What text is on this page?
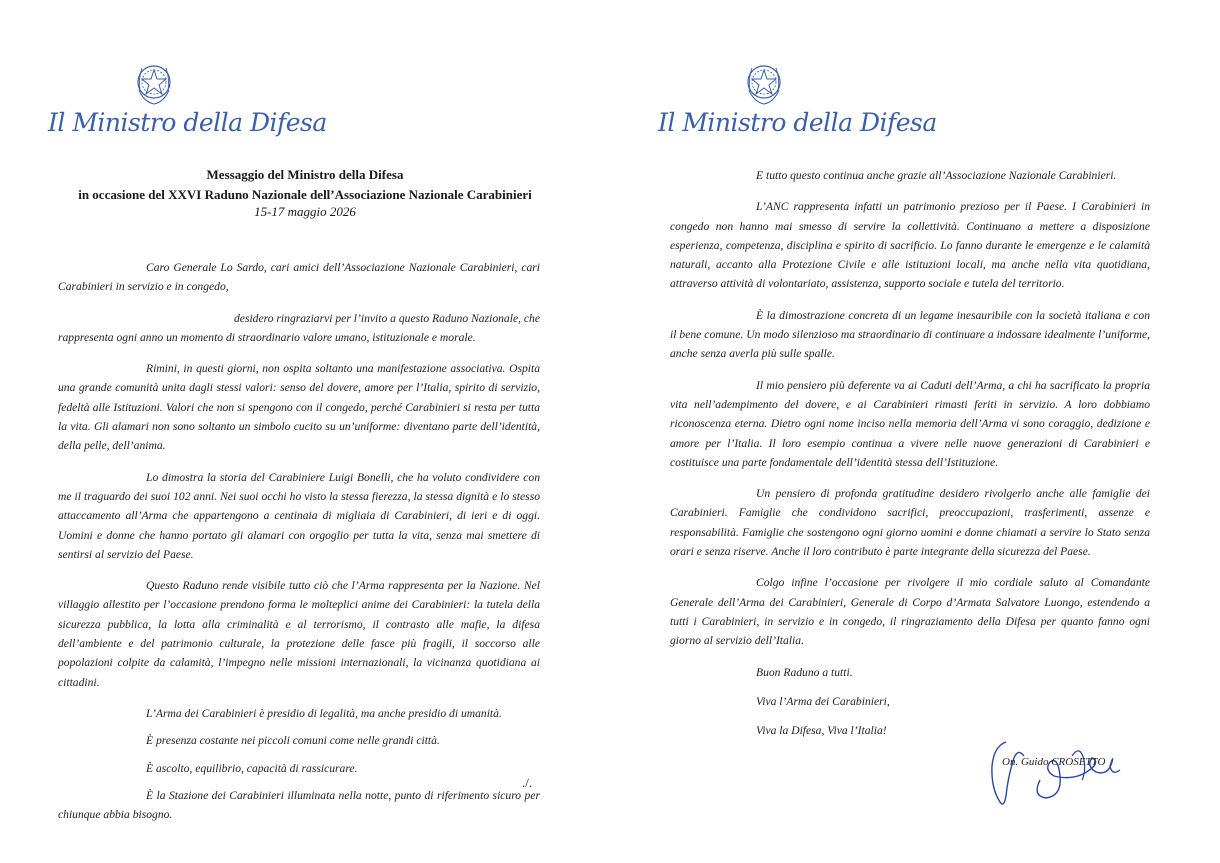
Il Ministro della Difesa
Messaggio del Ministro della Difesa
in occasione del XXVI Raduno Nazionale dell’Associazione Nazionale Carabinieri
15-17 maggio 2026

Caro Generale Lo Sardo, cari amici dell’Associazione Nazionale Carabinieri, cari Carabinieri in servizio e in congedo,

desidero ringraziarvi per l’invito a questo Raduno Nazionale, che rappresenta ogni anno un momento di straordinario valore umano, istituzionale e morale.

Rimini, in questi giorni, non ospita soltanto una manifestazione associativa. Ospita una grande comunità unita dagli stessi valori: senso del dovere, amore per l’Italia, spirito di servizio, fedeltà alle Istituzioni. Valori che non si spengono con il congedo, perché Carabinieri si resta per tutta la vita. Gli alamari non sono soltanto un simbolo cucito su un’uniforme: diventano parte dell’identità, della pelle, dell’anima.

Lo dimostra la storia del Carabiniere Luigi Bonelli, che ha voluto condividere con me il traguardo dei suoi 102 anni. Nei suoi occhi ho visto la stessa fierezza, la stessa dignità e lo stesso attaccamento all’Arma che appartengono a centinaia di migliaia di Carabinieri, di ieri e di oggi. Uomini e donne che hanno portato gli alamari con orgoglio per tutta la vita, senza mai smettere di sentirsi al servizio del Paese.

Questo Raduno rende visibile tutto ciò che l’Arma rappresenta per la Nazione. Nel villaggio allestito per l’occasione prendono forma le molteplici anime dei Carabinieri: la tutela della sicurezza pubblica, la lotta alla criminalità e al terrorismo, il contrasto alle mafie, la difesa dell’ambiente e del patrimonio culturale, la protezione delle fasce più fragili, il soccorso alle popolazioni colpite da calamità, l’impegno nelle missioni internazionali, la vicinanza quotidiana ai cittadini.

L’Arma dei Carabinieri è presidio di legalità, ma anche presidio di umanità.

È presenza costante nei piccoli comuni come nelle grandi città.

È ascolto, equilibrio, capacità di rassicurare.

È la Stazione dei Carabinieri illuminata nella notte, punto di riferimento sicuro per chiunque abbia bisogno.

./.
Il Ministro della Difesa

E tutto questo continua anche grazie all’Associazione Nazionale Carabinieri.

L’ANC rappresenta infatti un patrimonio prezioso per il Paese. I Carabinieri in congedo non hanno mai smesso di servire la collettività. Continuano a mettere a disposizione esperienza, competenza, disciplina e spirito di sacrificio. Lo fanno durante le emergenze e le calamità naturali, accanto alla Protezione Civile e alle istituzioni locali, ma anche nella vita quotidiana, attraverso attività di volontariato, assistenza, supporto sociale e tutela del territorio.

È la dimostrazione concreta di un legame inesauribile con la società italiana e con il bene comune. Un modo silenzioso ma straordinario di continuare a indossare idealmente l’uniforme, anche senza averla più sulle spalle.

Il mio pensiero più deferente va ai Caduti dell’Arma, a chi ha sacrificato la propria vita nell’adempimento del dovere, e ai Carabinieri rimasti feriti in servizio. A loro dobbiamo riconoscenza eterna. Dietro ogni nome inciso nella memoria dell’Arma vi sono coraggio, dedizione e amore per l’Italia. Il loro esempio continua a vivere nelle nuove generazioni di Carabinieri e costituisce una parte fondamentale dell’identità stessa dell’Istituzione.

Un pensiero di profonda gratitudine desidero rivolgerlo anche alle famiglie dei Carabinieri. Famiglie che condividono sacrifici, preoccupazioni, trasferimenti, assenze e responsabilità. Famiglie che sostengono ogni giorno uomini e donne chiamati a servire lo Stato senza orari e senza riserve. Anche il loro contributo è parte integrante della sicurezza del Paese.

Colgo infine l’occasione per rivolgere il mio cordiale saluto al Comandante Generale dell’Arma dei Carabinieri, Generale di Corpo d’Armata Salvatore Luongo, estendendo a tutti i Carabinieri, in servizio e in congedo, il ringraziamento della Difesa per quanto fanno ogni giorno al servizio dell’Italia.

Buon Raduno a tutti.

Viva l’Arma dei Carabinieri,

Viva la Difesa, Viva l’Italia!

On. Guido CROSETTO
